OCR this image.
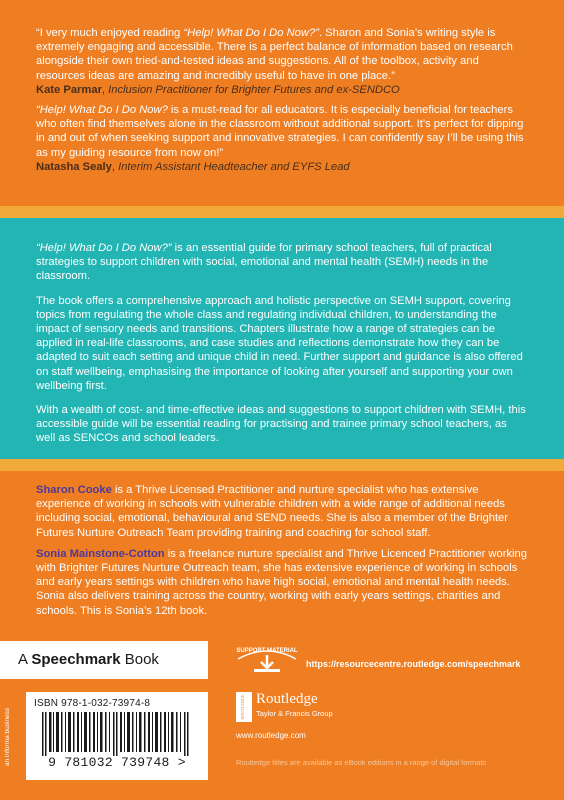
“I very much enjoyed reading “Help! What Do I Do Now?”. Sharon and Sonia’s writing style is extremely engaging and accessible. There is a perfect balance of information based on research alongside their own tried-and-tested ideas and suggestions. All of the toolbox, activity and resources ideas are amazing and incredibly useful to have in one place.”
Kate Parmar, Inclusion Practitioner for Brighter Futures and ex-SENDCO
“Help! What Do I Do Now? is a must-read for all educators. It is especially beneficial for teachers who often find themselves alone in the classroom without additional support. It’s perfect for dipping in and out of when seeking support and innovative strategies. I can confidently say I’ll be using this as my guiding resource from now on!”
Natasha Sealy, Interim Assistant Headteacher and EYFS Lead

“Help! What Do I Do Now?” is an essential guide for primary school teachers, full of practical strategies to support children with social, emotional and mental health (SEMH) needs in the classroom.

The book offers a comprehensive approach and holistic perspective on SEMH support, covering topics from regulating the whole class and regulating individual children, to understanding the impact of sensory needs and transitions. Chapters illustrate how a range of strategies can be applied in real-life classrooms, and case studies and reflections demonstrate how they can be adapted to suit each setting and unique child in need. Further support and guidance is also offered on staff wellbeing, emphasising the importance of looking after yourself and supporting your own wellbeing first.

With a wealth of cost- and time-effective ideas and suggestions to support children with SEMH, this accessible guide will be essential reading for practising and trainee primary school teachers, as well as SENCOs and school leaders.

Sharon Cooke is a Thrive Licensed Practitioner and nurture specialist who has extensive experience of working in schools with vulnerable children with a wide range of additional needs including social, emotional, behavioural and SEND needs. She is also a member of the Brighter Futures Nurture Outreach Team providing training and coaching for school staff.

Sonia Mainstone-Cotton is a freelance nurture specialist and Thrive Licenced Practitioner working with Brighter Futures Nurture Outreach team, she has extensive experience of working in schools and early years settings with children who have high social, emotional and mental health needs. Sonia also delivers training across the country, working with early years settings, charities and schools. This is Sonia’s 12th book.

A Speechmark Book
an informa business
ISBN 978-1-032-73974-8
9 781032 739748 >
SUPPORT MATERIAL
https://resourcecentre.routledge.com/speechmark
ROUTLEDGE Routledge
Taylor & Francis Group
www.routledge.com
Routledge titles are available as eBook editions in a range of digital formats
